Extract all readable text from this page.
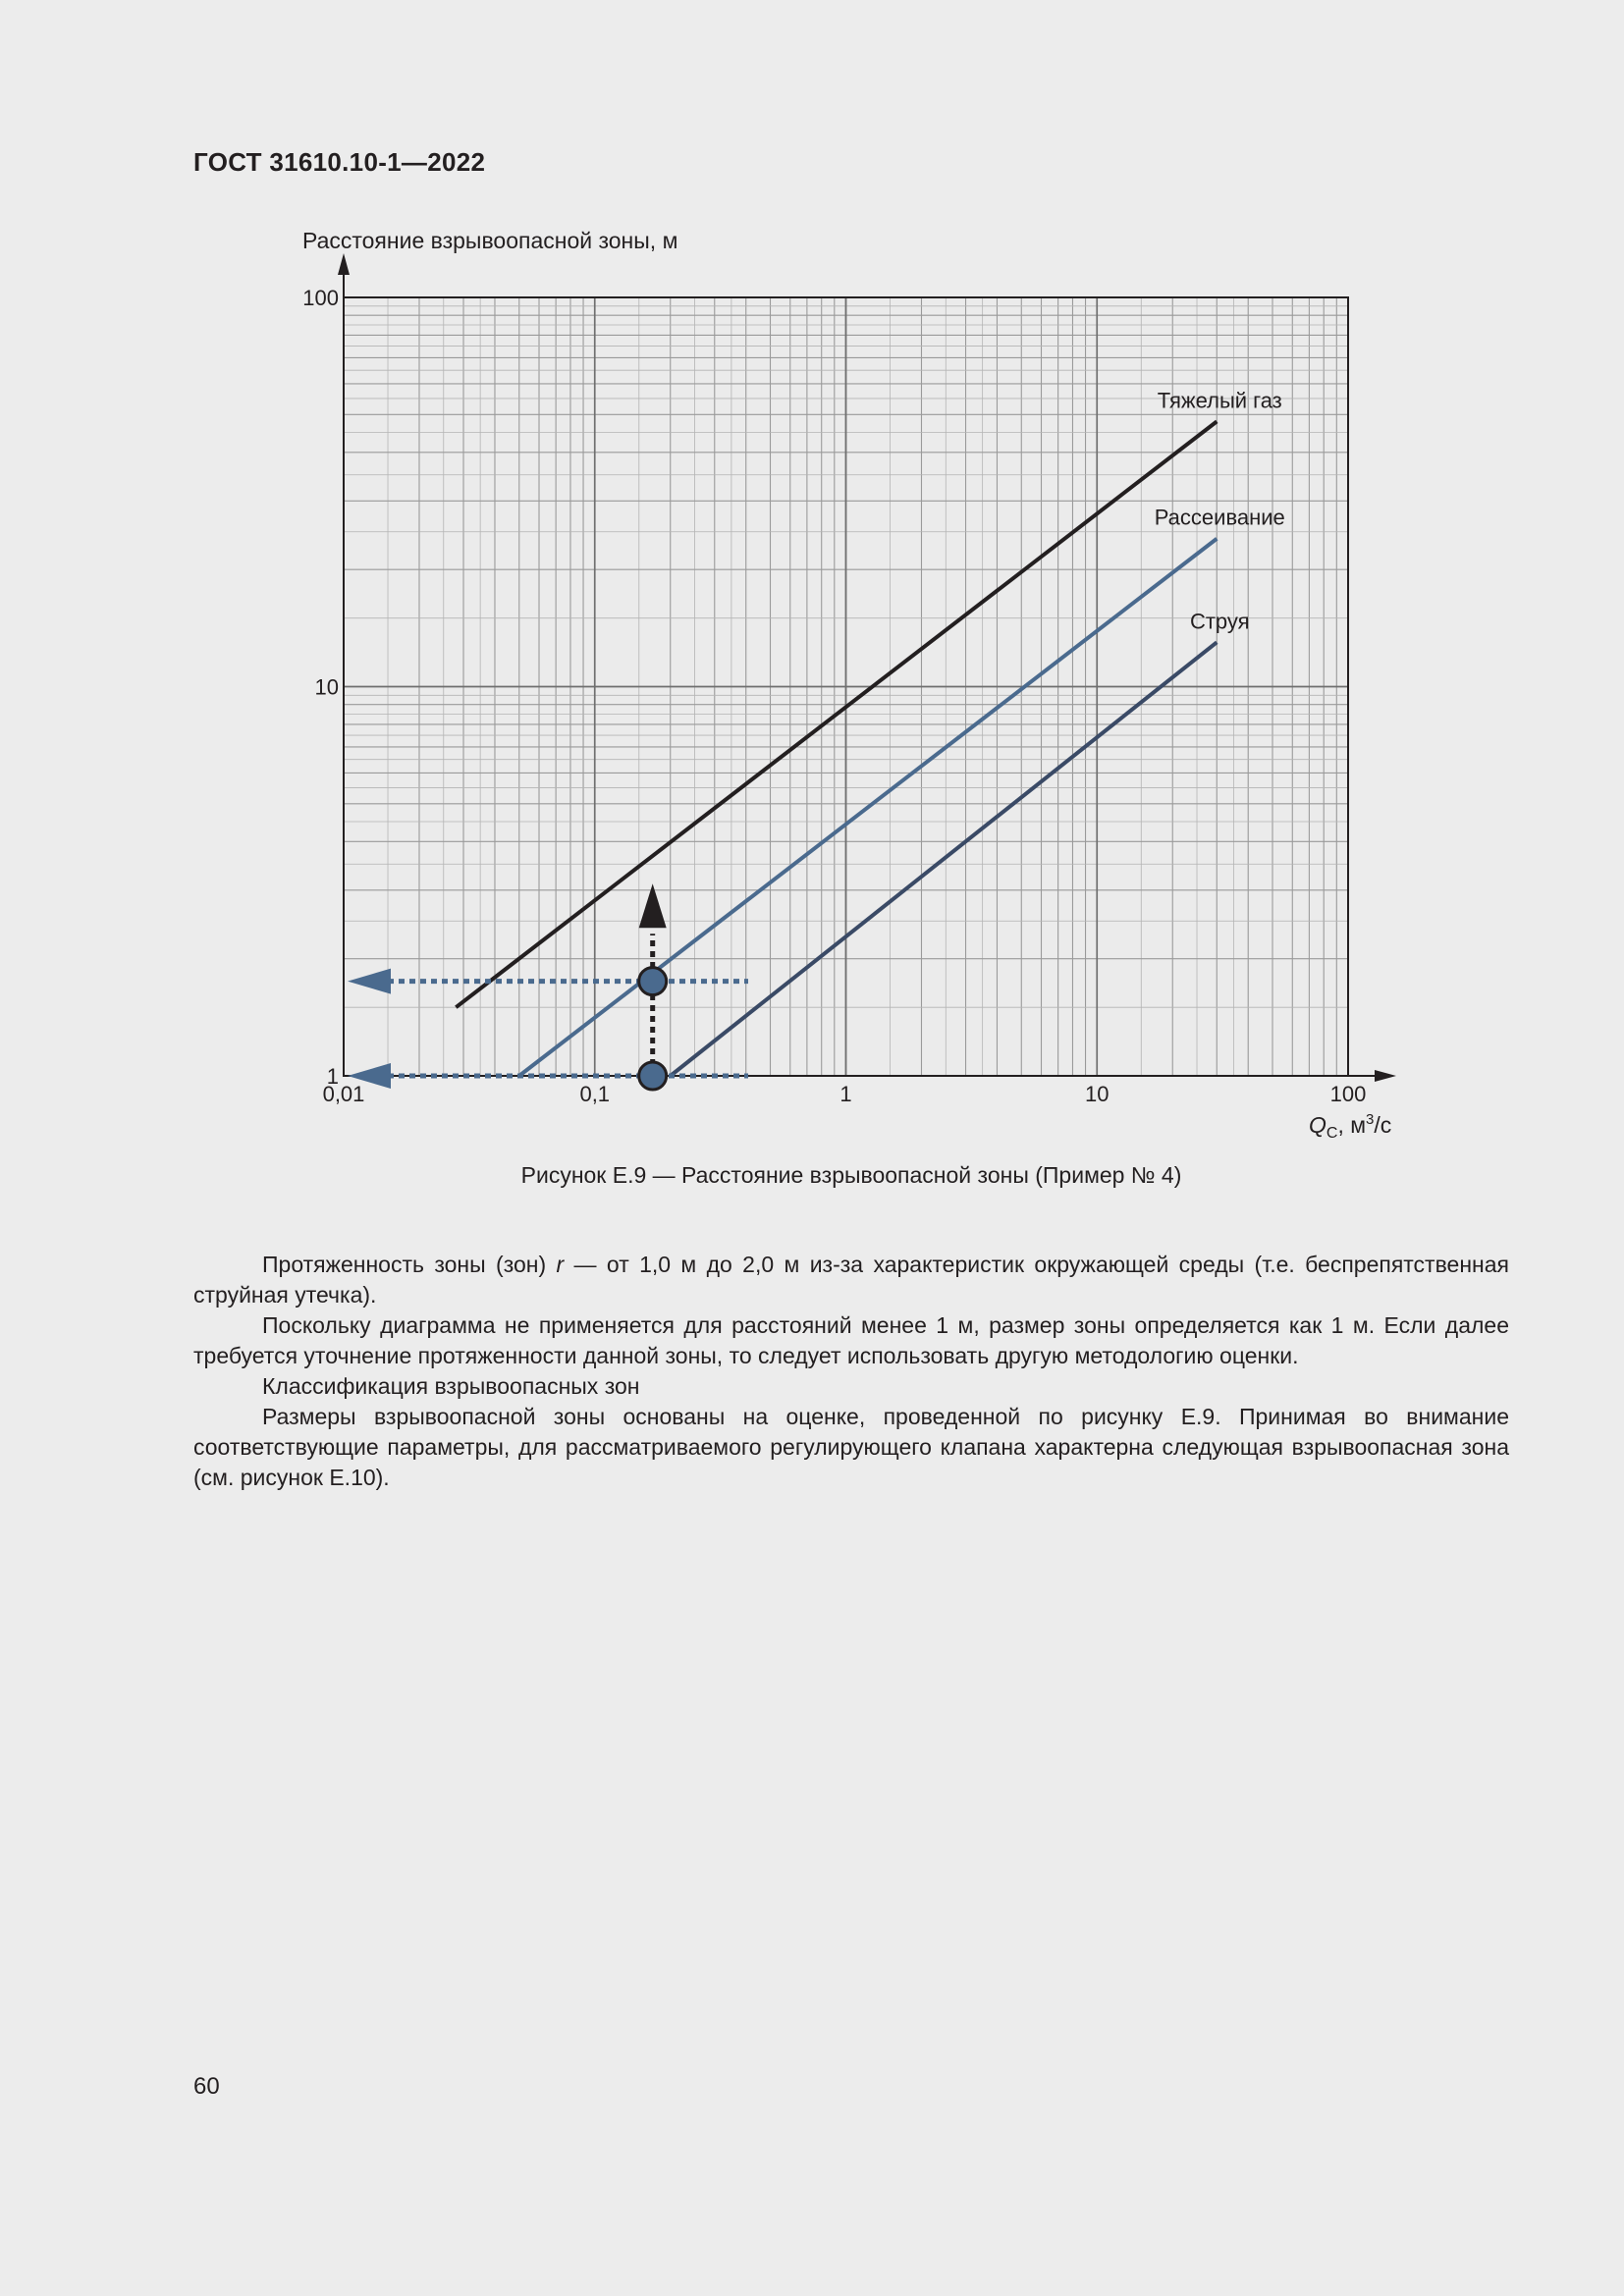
ГОСТ 31610.10-1—2022
Тяжелый газ
Рассеивание
Струя
0,01	0,1	1	10	100
1
10
100
Расстояние взрывоопасной зоны, м
$Q_C$, $м^3/с$
Рисунок Е.9 — Расстояние взрывоопасной зоны (Пример № 4)

Протяженность зоны (зон) r — от 1,0 м до 2,0 м из-за характеристик окружающей среды (т.е. беспрепятственная струйная утечка).

Поскольку диаграмма не применяется для расстояний менее 1 м, размер зоны определяется как 1 м. Если далее требуется уточнение протяженности данной зоны, то следует использовать другую методологию оценки.

Классификация взрывоопасных зон

Размеры взрывоопасной зоны основаны на оценке, проведенной по рисунку Е.9. Принимая во внимание соответствующие параметры, для рассматриваемого регулирующего клапана характерна следующая взрывоопасная зона (см. рисунок Е.10).

60
